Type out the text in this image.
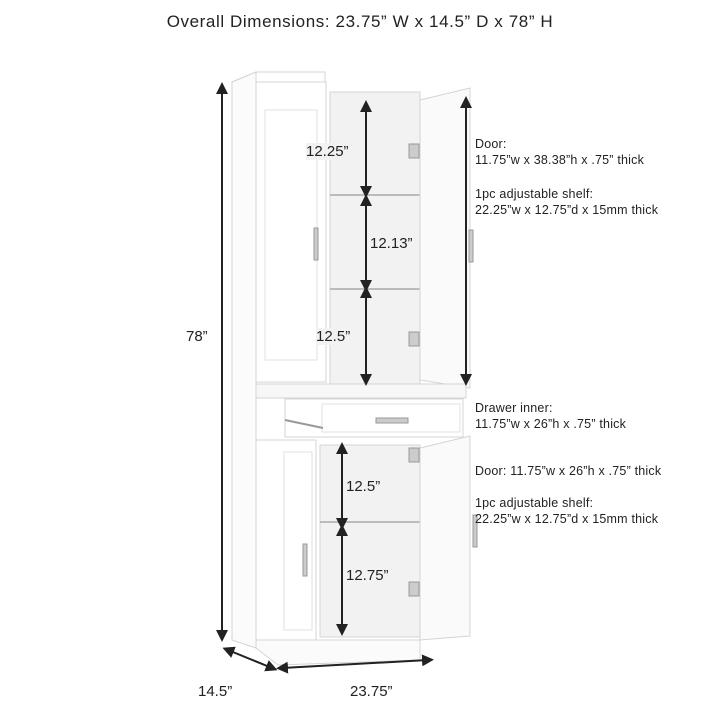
Overall Dimensions: 23.75” W x 14.5” D x 78” H
78”
14.5”	23.75”
12.25”
12.13”
12.5”
12.5”
12.75”
Door:
11.75”w x 38.38”h x .75” thick
1pc adjustable shelf:
22.25”w x 12.75”d x 15mm thick
Drawer inner:
11.75”w x 26”h x .75” thick
Door: 11.75”w x 26”h x .75” thick
1pc adjustable shelf:
22.25”w x 12.75”d x 15mm thick
